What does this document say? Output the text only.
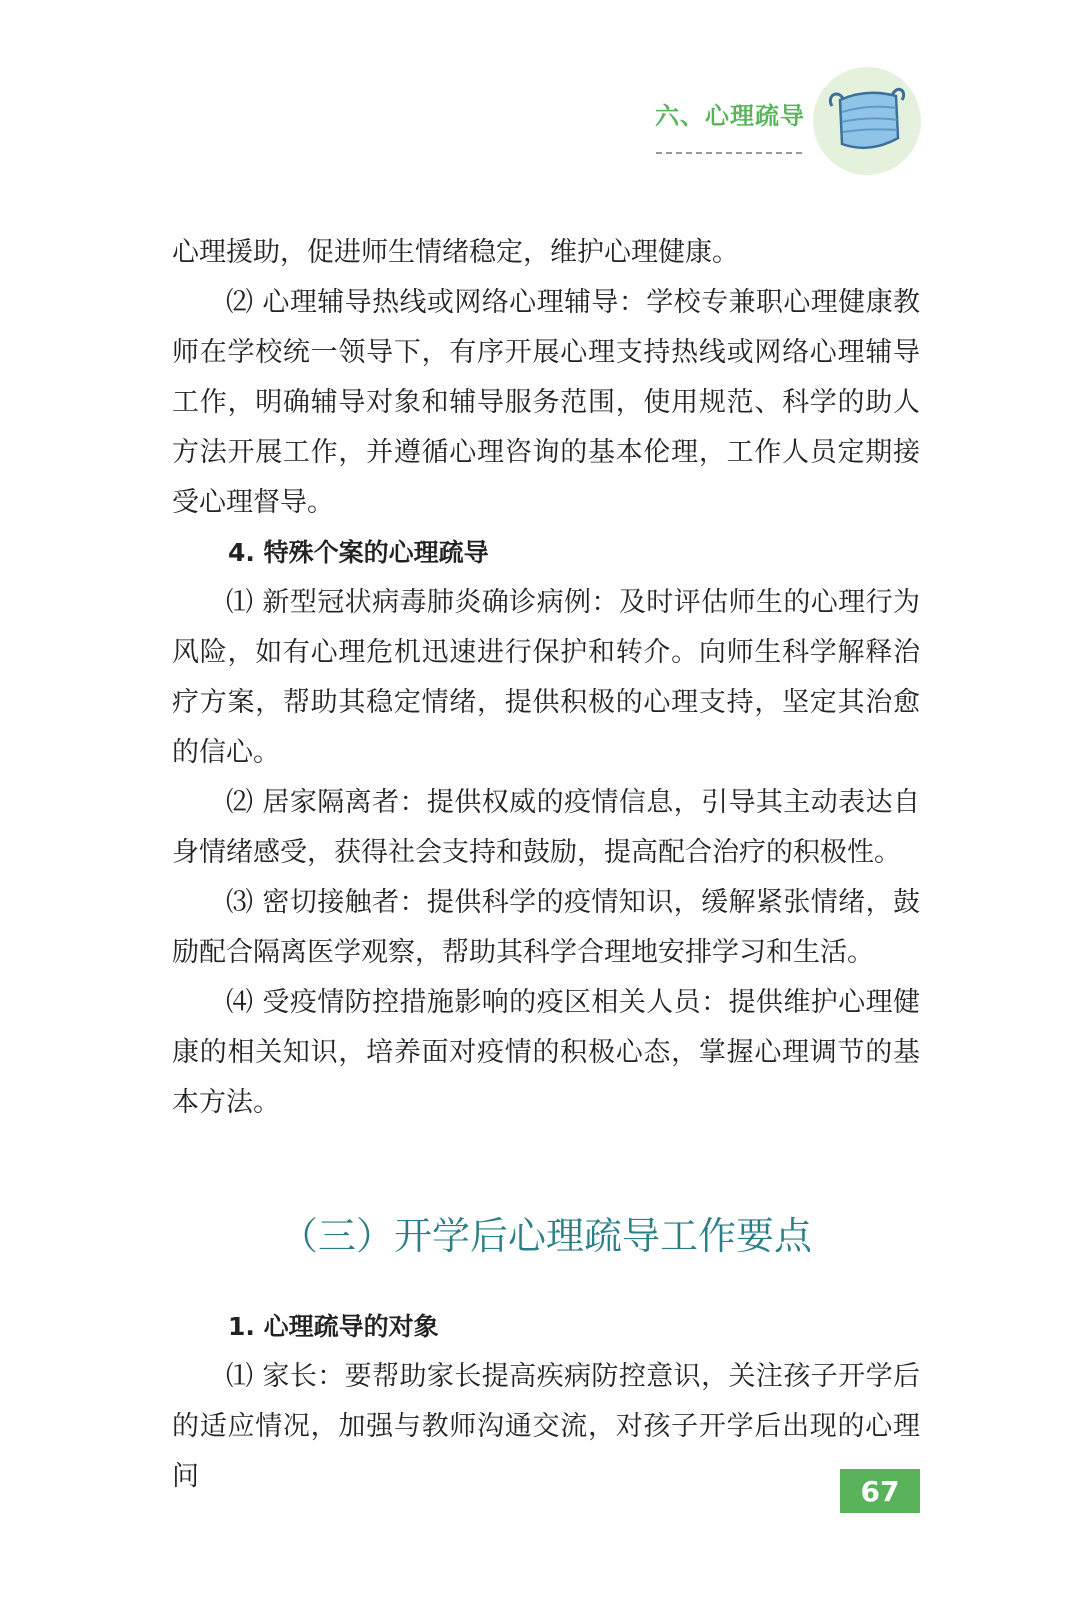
六、心理疏导

心理援助，促进师生情绪稳定，维护心理健康。

⑵ 心理辅导热线或网络心理辅导：学校专兼职心理健康教师在学校统一领导下，有序开展心理支持热线或网络心理辅导工作，明确辅导对象和辅导服务范围，使用规范、科学的助人方法开展工作，并遵循心理咨询的基本伦理，工作人员定期接受心理督导。

4. 特殊个案的心理疏导

⑴ 新型冠状病毒肺炎确诊病例：及时评估师生的心理行为风险，如有心理危机迅速进行保护和转介。向师生科学解释治疗方案，帮助其稳定情绪，提供积极的心理支持，坚定其治愈的信心。

⑵ 居家隔离者：提供权威的疫情信息，引导其主动表达自身情绪感受，获得社会支持和鼓励，提高配合治疗的积极性。

⑶ 密切接触者：提供科学的疫情知识，缓解紧张情绪，鼓励配合隔离医学观察，帮助其科学合理地安排学习和生活。

⑷ 受疫情防控措施影响的疫区相关人员：提供维护心理健康的相关知识，培养面对疫情的积极心态，掌握心理调节的基本方法。

（三）开学后心理疏导工作要点

1. 心理疏导的对象

⑴ 家长：要帮助家长提高疾病防控意识，关注孩子开学后的适应情况，加强与教师沟通交流，对孩子开学后出现的心理问	67
